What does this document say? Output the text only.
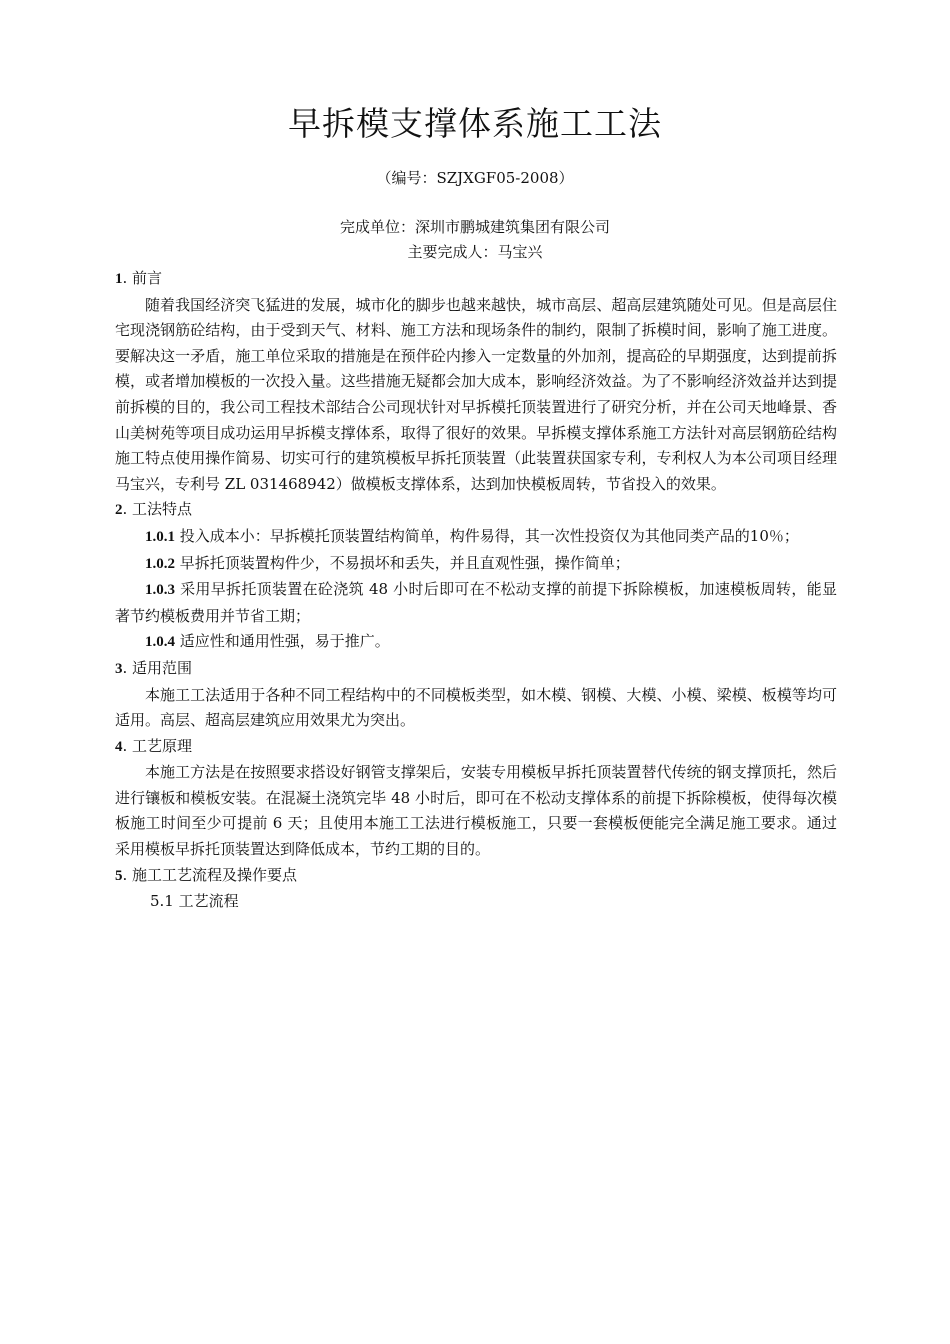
早拆模支撑体系施工工法
（编号：SZJXGF05-2008）
完成单位：深圳市鹏城建筑集团有限公司
主要完成人：马宝兴

1. 前言

随着我国经济突飞猛进的发展，城市化的脚步也越来越快，城市高层、超高层建筑随处可见。但是高层住宅现浇钢筋砼结构，由于受到天气、材料、施工方法和现场条件的制约，限制了拆模时间，影响了施工进度。要解决这一矛盾，施工单位采取的措施是在预伴砼内掺入一定数量的外加剂，提高砼的早期强度，达到提前拆模，或者增加模板的一次投入量。这些措施无疑都会加大成本，影响经济效益。为了不影响经济效益并达到提前拆模的目的，我公司工程技术部结合公司现状针对早拆模托顶装置进行了研究分析，并在公司天地峰景、香山美树苑等项目成功运用早拆模支撑体系，取得了很好的效果。早拆模支撑体系施工方法针对高层钢筋砼结构施工特点使用操作简易、切实可行的建筑模板早拆托顶装置（此装置获国家专利，专利权人为本公司项目经理马宝兴，专利号 ZL 031468942）做模板支撑体系，达到加快模板周转，节省投入的效果。

2. 工法特点

1.0.1 投入成本小：早拆模托顶装置结构简单，构件易得，其一次性投资仅为其他同类产品的10％；

1.0.2 早拆托顶装置构件少，不易损坏和丢失，并且直观性强，操作简单；

1.0.3 采用早拆托顶装置在砼浇筑 48 小时后即可在不松动支撑的前提下拆除模板，加速模板周转，能显著节约模板费用并节省工期；

1.0.4 适应性和通用性强，易于推广。

3. 适用范围

本施工工法适用于各种不同工程结构中的不同模板类型，如木模、钢模、大模、小模、梁模、板模等均可适用。高层、超高层建筑应用效果尤为突出。

4. 工艺原理

本施工方法是在按照要求搭设好钢管支撑架后，安装专用模板早拆托顶装置替代传统的钢支撑顶托，然后进行镶板和模板安装。在混凝土浇筑完毕 48 小时后，即可在不松动支撑体系的前提下拆除模板，使得每次模板施工时间至少可提前 6 天；且使用本施工工法进行模板施工，只要一套模板便能完全满足施工要求。通过采用模板早拆托顶装置达到降低成本，节约工期的目的。

5. 施工工艺流程及操作要点

5.1 工艺流程
